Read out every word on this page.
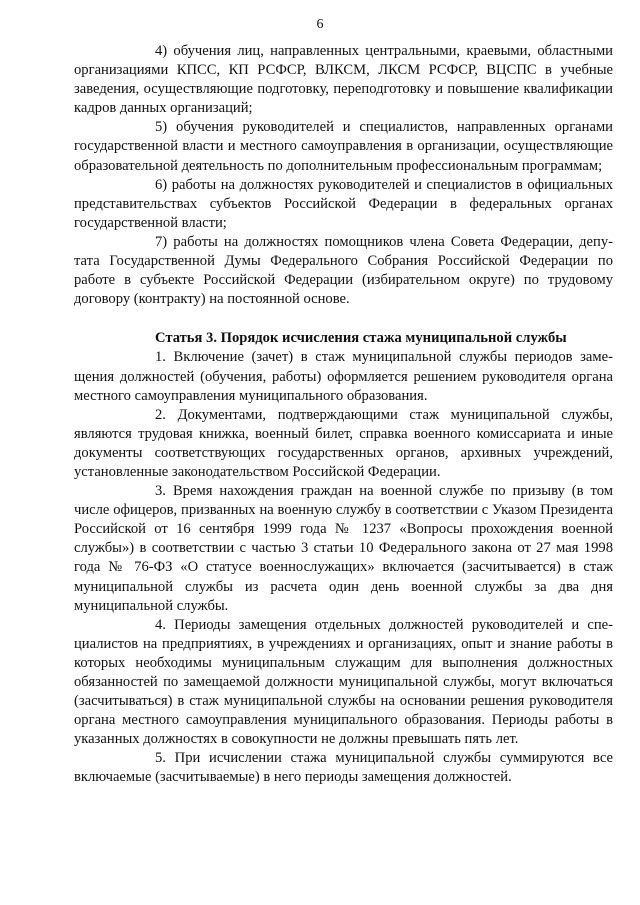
6

4) обучения лиц, направленных центральными, краевыми, областными организациями КПСС, КП РСФСР, ВЛКСМ, ЛКСМ РСФСР, ВЦСПС в учебные заведения, осуществляющие подготовку, переподготовку и повышение квалификации кадров данных организаций;

5) обучения руководителей и специалистов, направленных органами государственной власти и местного самоуправления в организации, осуществляющие образовательной деятельность по дополнительным профессиональным программам;

6) работы на должностях руководителей и специалистов в официальных представительствах субъектов Российской Федерации в федеральных органах государственной власти;

7) работы на должностях помощников члена Совета Федерации, депутата Государственной Думы Федерального Собрания Российской Федерации по работе в субъекте Российской Федерации (избирательном округе) по трудовому договору (контракту) на постоянной основе.

Статья 3. Порядок исчисления стажа муниципальной службы

1. Включение (зачет) в стаж муниципальной службы периодов замещения должностей (обучения, работы) оформляется решением руководителя органа местного самоуправления муниципального образования.

2. Документами, подтверждающими стаж муниципальной службы, являются трудовая книжка, военный билет, справка военного комиссариата и иные документы соответствующих государственных органов, архивных учреждений, установленные законодательством Российской Федерации.

3. Время нахождения граждан на военной службе по призыву (в том числе офицеров, призванных на военную службу в соответствии с Указом Президента Российской от 16 сентября 1999 года № 1237 «Вопросы прохождения военной службы») в соответствии с частью 3 статьи 10 Федерального закона от 27 мая 1998 года № 76-ФЗ «О статусе военнослужащих» включается (засчитывается) в стаж муниципальной службы из расчета один день военной службы за два дня муниципальной службы.

4. Периоды замещения отдельных должностей руководителей и специалистов на предприятиях, в учреждениях и организациях, опыт и знание работы в которых необходимы муниципальным служащим для выполнения должностных обязанностей по замещаемой должности муниципальной службы, могут включаться (засчитываться) в стаж муниципальной службы на основании решения руководителя органа местного самоуправления муниципального образования. Периоды работы в указанных должностях в совокупности не должны превышать пять лет.

5. При исчислении стажа муниципальной службы суммируются все включаемые (засчитываемые) в него периоды замещения должностей.
